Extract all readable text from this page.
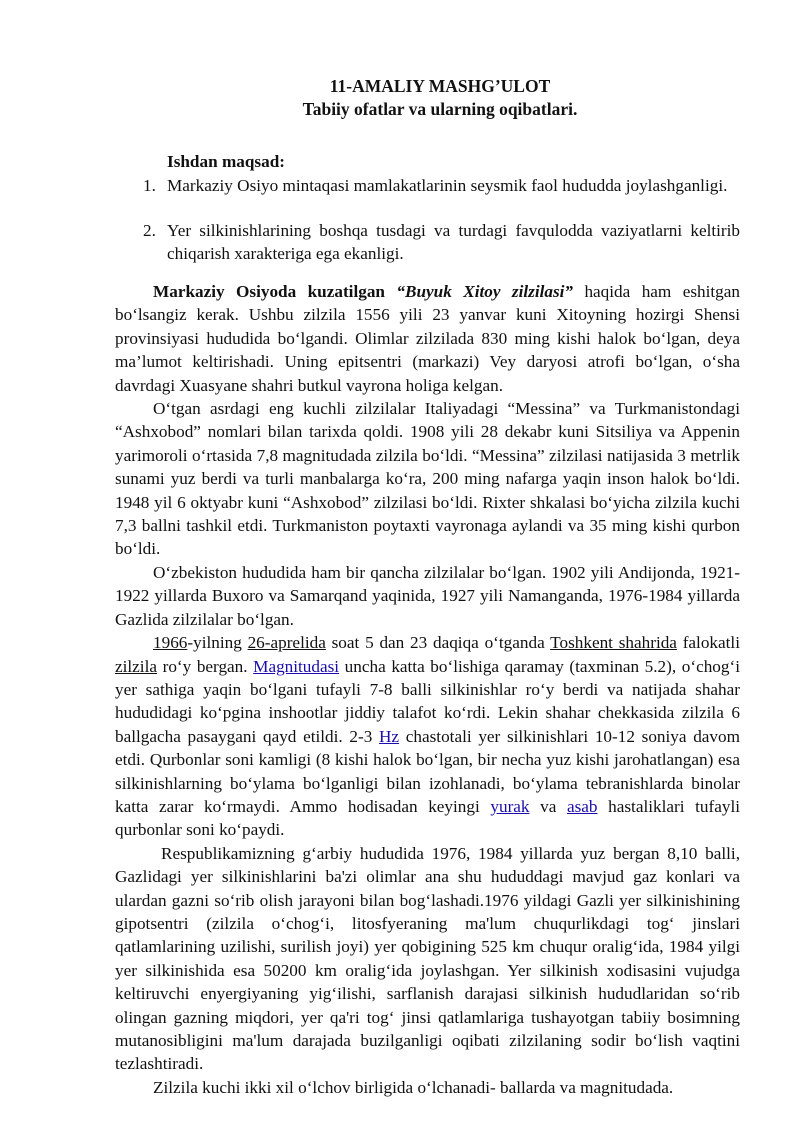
11-AMALIY MASHG’ULOT
Tabiiy ofatlar va ularning oqibatlari.
Ishdan maqsad:
1. Markaziy Osiyo mintaqasi mamlakatlarinin seysmik faol hududda joylashganligi.
2. Yer silkinishlarining boshqa tusdagi va turdagi favqulodda vaziyatlarni keltirib chiqarish xarakteriga ega ekanligi.

Markaziy Osiyoda kuzatilgan “Buyuk Xitoy zilzilasi” haqida ham eshitgan bo‘lsangiz kerak. Ushbu zilzila 1556 yili 23 yanvar kuni Xitoyning hozirgi Shensi provinsiyasi hududida bo‘lgandi. Olimlar zilzilada 830 ming kishi halok bo‘lgan, deya ma’lumot keltirishadi. Uning epitsentri (markazi) Vey daryosi atrofi bo‘lgan, o‘sha davrdagi Xuasyane shahri butkul vayrona holiga kelgan.

O‘tgan asrdagi eng kuchli zilzilalar Italiyadagi “Messina” va Turkmanistondagi “Ashxobod” nomlari bilan tarixda qoldi. 1908 yili 28 dekabr kuni Sitsiliya va Appenin yarimoroli o‘rtasida 7,8 magnitudada zilzila bo‘ldi. “Messina” zilzilasi natijasida 3 metrlik sunami yuz berdi va turli manbalarga ko‘ra, 200 ming nafarga yaqin inson halok bo‘ldi. 1948 yil 6 oktyabr kuni “Ashxobod” zilzilasi bo‘ldi. Rixter shkalasi bo‘yicha zilzila kuchi 7,3 ballni tashkil etdi. Turkmaniston poytaxti vayronaga aylandi va 35 ming kishi qurbon bo‘ldi.

O‘zbekiston hududida ham bir qancha zilzilalar bo‘lgan. 1902 yili Andijonda, 1921-1922 yillarda Buxoro va Samarqand yaqinida, 1927 yili Namanganda, 1976-1984 yillarda Gazlida zilzilalar bo‘lgan.

1966-yilning 26-aprelida soat 5 dan 23 daqiqa o‘tganda Toshkent shahrida falokatli zilzila ro‘y bergan. Magnitudasi uncha katta bo‘lishiga qaramay (taxminan 5.2), o‘chog‘i yer sathiga yaqin bo‘lgani tufayli 7-8 balli silkinishlar ro‘y berdi va natijada shahar hududidagi ko‘pgina inshootlar jiddiy talafot ko‘rdi. Lekin shahar chekkasida zilzila 6 ballgacha pasaygani qayd etildi. 2-3 Hz chastotali yer silkinishlari 10-12 soniya davom etdi. Qurbonlar soni kamligi (8 kishi halok bo‘lgan, bir necha yuz kishi jarohatlangan) esa silkinishlarning bo‘ylama bo‘lganligi bilan izohlanadi, bo‘ylama tebranishlarda binolar katta zarar ko‘rmaydi. Ammo hodisadan keyingi yurak va asab hastaliklari tufayli qurbonlar soni ko‘paydi.

Respublikamizning g‘arbiy hududida 1976, 1984 yillarda yuz bergan 8,10 balli, Gazlidagi yer silkinishlarini ba'zi olimlar ana shu hududdagi mavjud gaz konlari va ulardan gazni so‘rib olish jarayoni bilan bog‘lashadi.1976 yildagi Gazli yer silkinishining gipotsentri (zilzila o‘chog‘i, litosfyeraning ma'lum chuqurlikdagi tog‘ jinslari qatlamlarining uzilishi, surilish joyi) yer qobigining 525 km chuqur oralig‘ida, 1984 yilgi yer silkinishida esa 50200 km oralig‘ida joylashgan. Yer silkinish xodisasini vujudga keltiruvchi enyergiyaning yig‘ilishi, sarflanish darajasi silkinish hududlaridan so‘rib olingan gazning miqdori, yer qa'ri tog‘ jinsi qatlamlariga tushayotgan tabiiy bosimning mutanosibligini ma'lum darajada buzilganligi oqibati zilzilaning sodir bo‘lish vaqtini tezlashtiradi.

Zilzila kuchi ikki xil o‘lchov birligida o‘lchanadi- ballarda va magnitudada.
